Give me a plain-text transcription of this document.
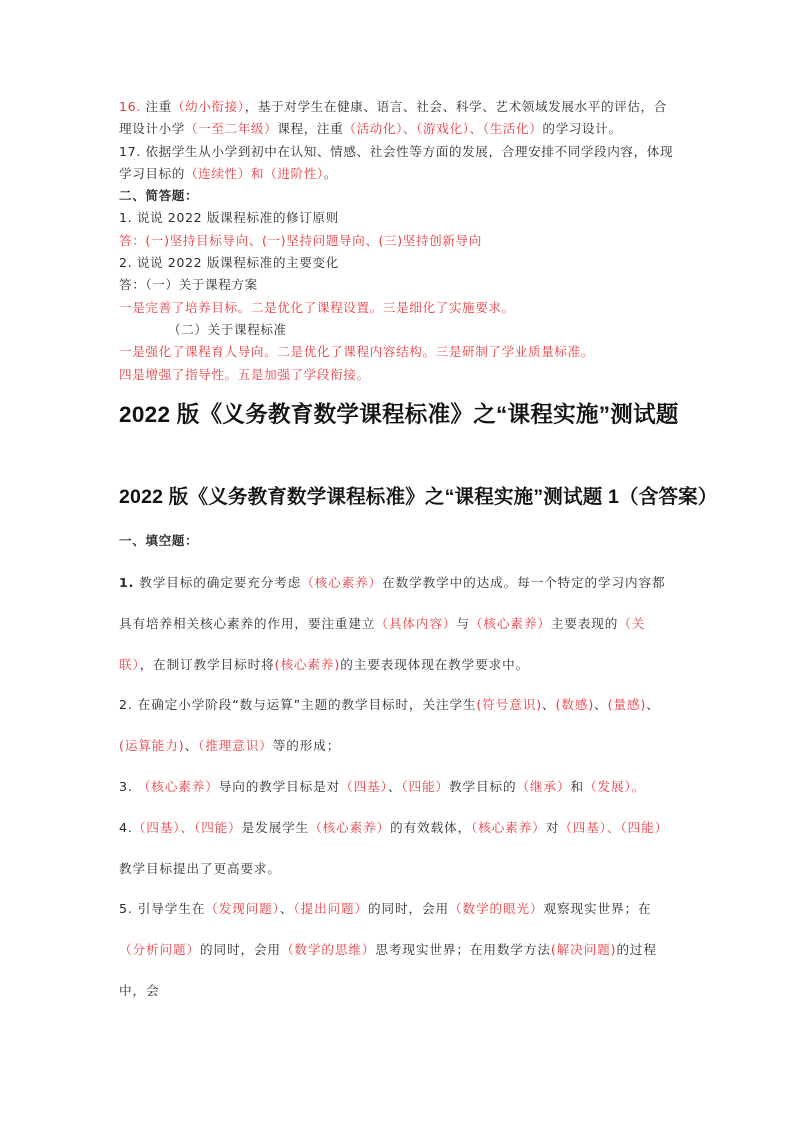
16. 注重（幼小衔接），基于对学生在健康、语言、社会、科学、艺术领域发展水平的评估，合理设计小学（一至二年级）课程，注重（活动化）、（游戏化）、（生活化）的学习设计。

17. 依据学生从小学到初中在认知、情感、社会性等方面的发展，合理安排不同学段内容，体现学习目标的（连续性）和（进阶性）。

二、简答题：

1. 说说 2022 版课程标准的修订原则

答：(一)坚持目标导向、(一)坚持问题导向、(三)坚持创新导向

2. 说说 2022 版课程标准的主要变化

答：（一）关于课程方案

一是完善了培养目标。二是优化了课程设置。三是细化了实施要求。

（二）关于课程标准

一是强化了课程育人导向。二是优化了课程内容结构。三是研制了学业质量标准。

四是增强了指导性。五是加强了学段衔接。

2022 版《义务教育数学课程标准》之“课程实施”测试题
2022 版《义务教育数学课程标准》之“课程实施”测试题 1（含答案）

一、填空题：

1. 教学目标的确定要充分考虑（核心素养）在数学教学中的达成。每一个特定的学习内容都具有培养相关核心素养的作用，要注重建立（具体内容）与（核心素养）主要表现的（关联），在制订教学目标时将(核心素养)的主要表现体现在教学要求中。

2. 在确定小学阶段“数与运算”主题的教学目标时，关注学生(符号意识)、(数感)、(量感)、(运算能力)、（推理意识）等的形成；

3. （核心素养）导向的教学目标是对（四基）、（四能）教学目标的（继承）和（发展）。

4.（四基）、（四能）是发展学生（核心素养）的有效载体，（核心素养）对（四基）、（四能）教学目标提出了更高要求。

5. 引导学生在（发现问题）、（提出问题）的同时，会用（数学的眼光）观察现实世界；在（分析问题）的同时，会用（数学的思维）思考现实世界；在用数学方法(解决问题)的过程中，会
